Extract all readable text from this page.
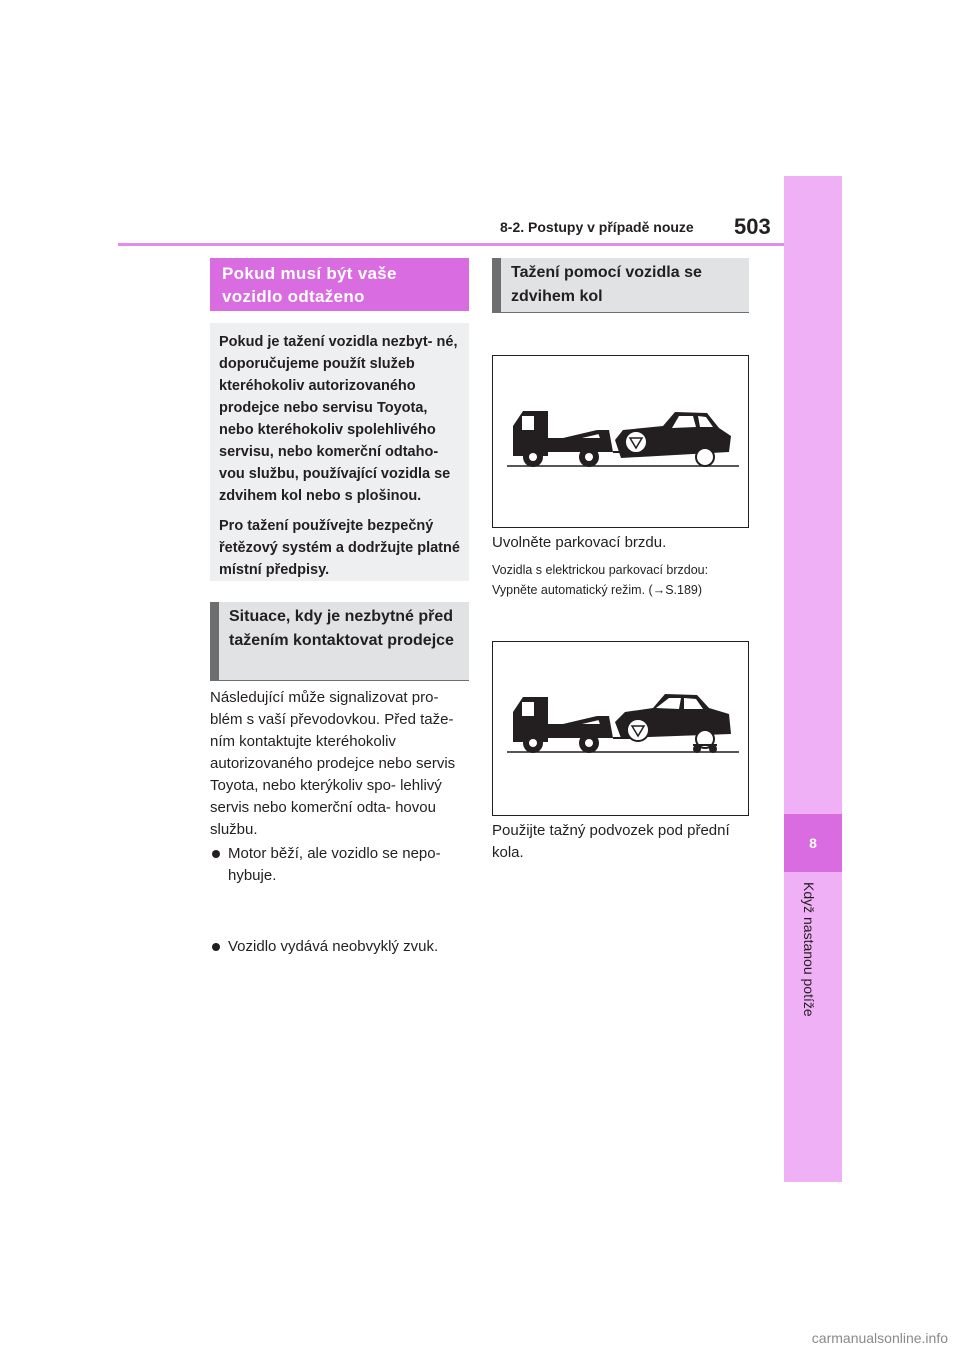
8-2. Postupy v případě nouze 503
8
Když nastanou potíže
Pokud musí být vaše vozidlo odtaženo

Pokud je tažení vozidla nezbyt- né, doporučujeme použít služeb kteréhokoliv autorizovaného prodejce nebo servisu Toyota, nebo kteréhokoliv spolehlivého servisu, nebo komerční odtaho- vou službu, používající vozidla se zdvihem kol nebo s plošinou.

Pro tažení používejte bezpečný řetězový systém a dodržujte platné místní předpisy.

Situace, kdy je nezbytné před tažením kontaktovat prodejce
Následující může signalizovat pro- blém s vaší převodovkou. Před taže- ním kontaktujte kteréhokoliv autorizovaného prodejce nebo servis Toyota, nebo kterýkoliv spo- lehlivý servis nebo komerční odta- hovou službu.
Motor běží, ale vozidlo se nepo- hybuje.
Vozidlo vydává neobvyklý zvuk.
Tažení pomocí vozidla se zdvihem kol
Uvolněte parkovací brzdu.
Vozidla s elektrickou parkovací brzdou:
Vypněte automatický režim. (→S.189)
Použijte tažný podvozek pod přední kola.
carmanualsonline.info
